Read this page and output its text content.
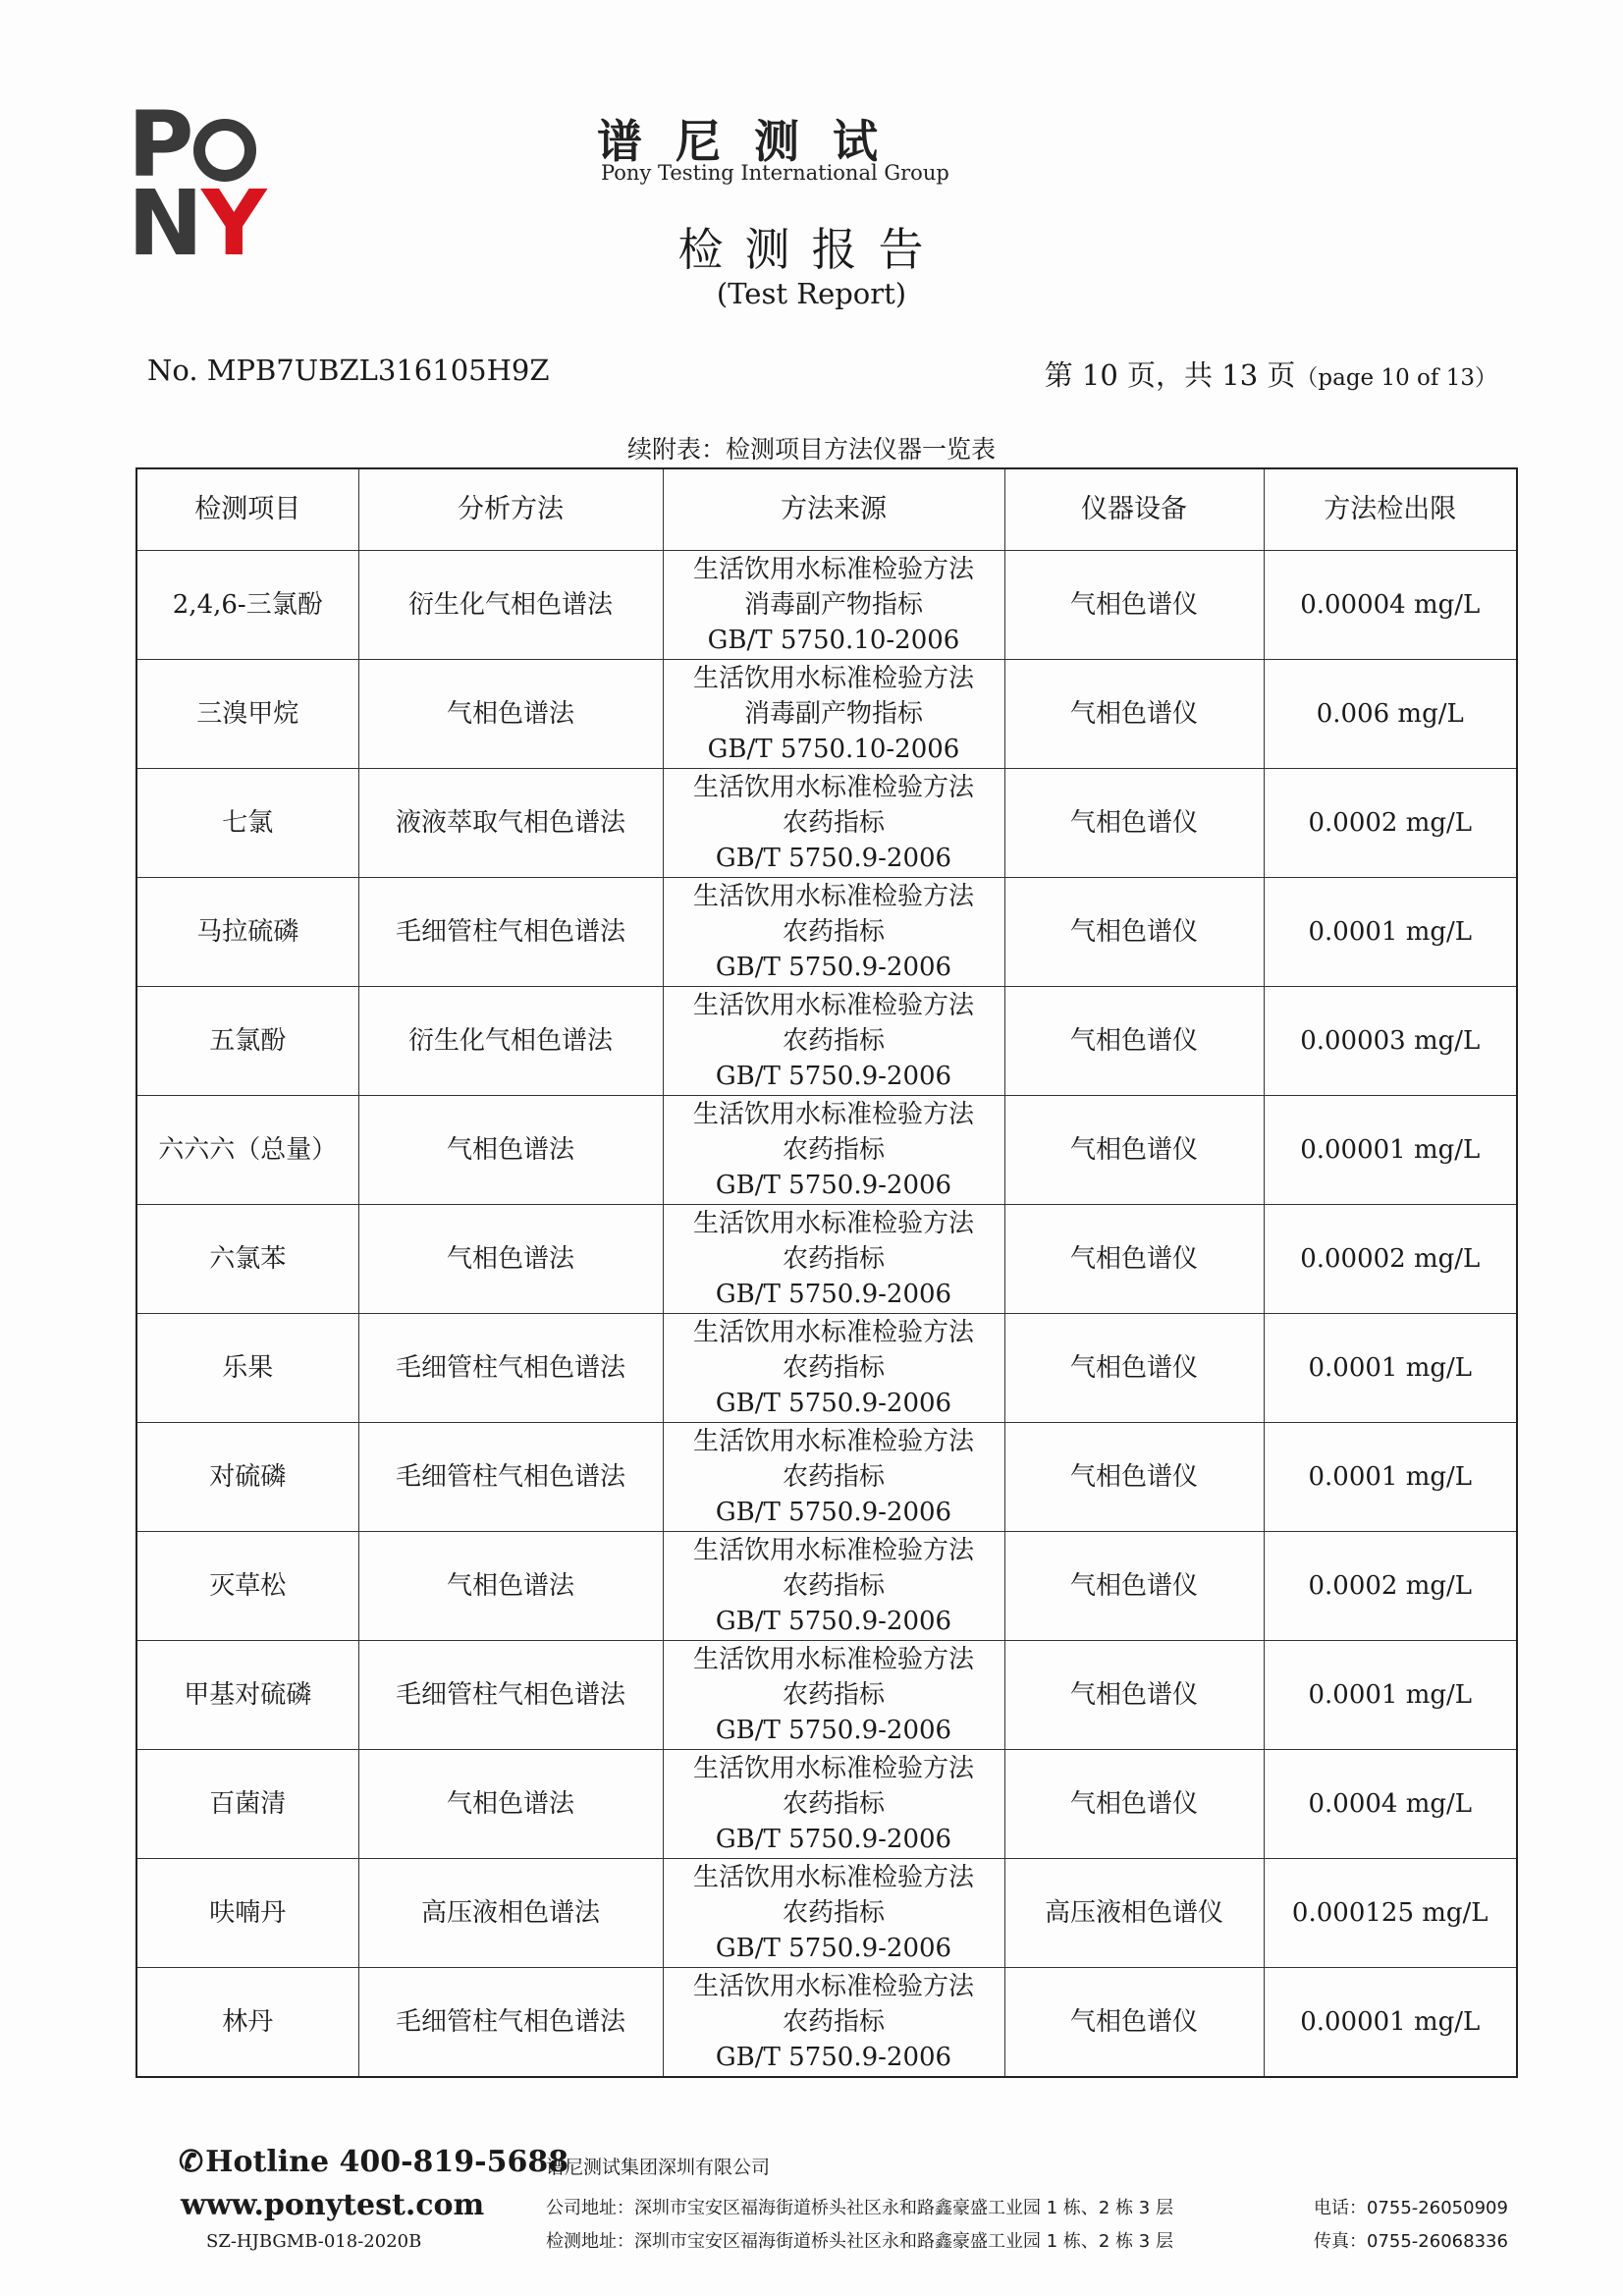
PNY
谱尼测试
Pony Testing International Group
检测报告
(Test Report)
No. MPB7UBZL316105H9Z	第 10 页，共 13 页（page 10 of 13）
续附表：检测项目方法仪器一览表
检测项目	分析方法	方法来源	仪器设备	方法检出限
2,4,6-三氯酚	衍生化气相色谱法	生活饮用水标准检验方法
消毒副产物指标
GB/T 5750.10-2006	气相色谱仪	0.00004 mg/L
三溴甲烷	气相色谱法	生活饮用水标准检验方法
消毒副产物指标
GB/T 5750.10-2006	气相色谱仪	0.006 mg/L
七氯	液液萃取气相色谱法	生活饮用水标准检验方法
农药指标
GB/T 5750.9-2006	气相色谱仪	0.0002 mg/L
马拉硫磷	毛细管柱气相色谱法	生活饮用水标准检验方法
农药指标
GB/T 5750.9-2006	气相色谱仪	0.0001 mg/L
五氯酚	衍生化气相色谱法	生活饮用水标准检验方法
农药指标
GB/T 5750.9-2006	气相色谱仪	0.00003 mg/L
六六六（总量）	气相色谱法	生活饮用水标准检验方法
农药指标
GB/T 5750.9-2006	气相色谱仪	0.00001 mg/L
六氯苯	气相色谱法	生活饮用水标准检验方法
农药指标
GB/T 5750.9-2006	气相色谱仪	0.00002 mg/L
乐果	毛细管柱气相色谱法	生活饮用水标准检验方法
农药指标
GB/T 5750.9-2006	气相色谱仪	0.0001 mg/L
对硫磷	毛细管柱气相色谱法	生活饮用水标准检验方法
农药指标
GB/T 5750.9-2006	气相色谱仪	0.0001 mg/L
灭草松	气相色谱法	生活饮用水标准检验方法
农药指标
GB/T 5750.9-2006	气相色谱仪	0.0002 mg/L
甲基对硫磷	毛细管柱气相色谱法	生活饮用水标准检验方法
农药指标
GB/T 5750.9-2006	气相色谱仪	0.0001 mg/L
百菌清	气相色谱法	生活饮用水标准检验方法
农药指标
GB/T 5750.9-2006	气相色谱仪	0.0004 mg/L
呋喃丹	高压液相色谱法	生活饮用水标准检验方法
农药指标
GB/T 5750.9-2006	高压液相色谱仪	0.000125 mg/L
林丹	毛细管柱气相色谱法	生活饮用水标准检验方法
农药指标
GB/T 5750.9-2006	气相色谱仪	0.00001 mg/L
✆Hotline 400-819-5688
www.ponytest.com
SZ-HJBGMB-018-2020B
谱尼测试集团深圳有限公司
公司地址：深圳市宝安区福海街道桥头社区永和路鑫豪盛工业园 1 栋、2 栋 3 层
检测地址：深圳市宝安区福海街道桥头社区永和路鑫豪盛工业园 1 栋、2 栋 3 层
电话：0755-26050909
传真：0755-26068336
